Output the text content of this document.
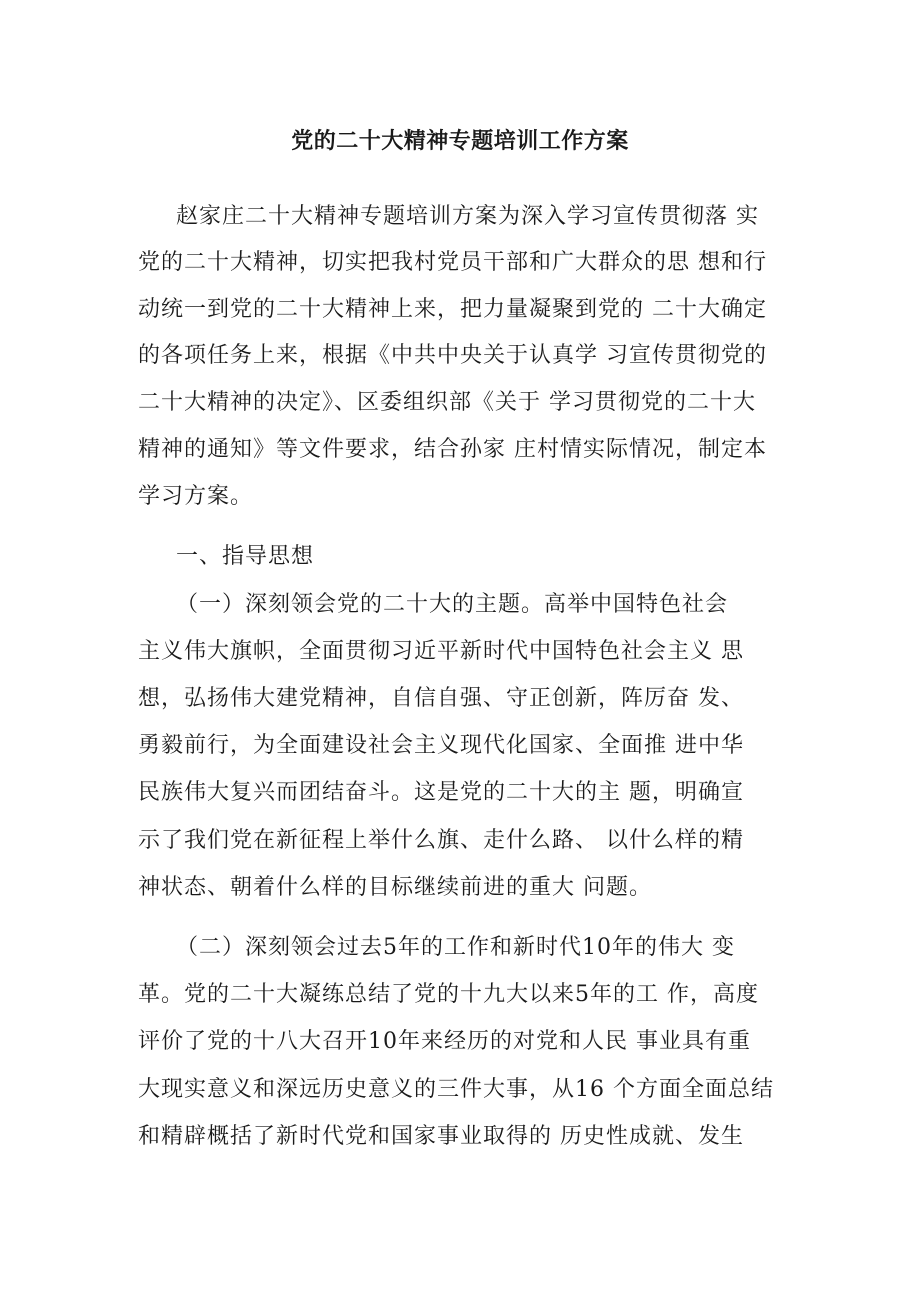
党的二十大精神专题培训工作方案
赵家庄二十大精神专题培训方案为深入学习宣传贯彻落 实
党的二十大精神，切实把我村党员干部和广大群众的思 想和行
动统一到党的二十大精神上来，把力量凝聚到党的 二十大确定
的各项任务上来，根据《中共中央关于认真学 习宣传贯彻党的
二十大精神的决定》、区委组织部《关于 学习贯彻党的二十大
精神的通知》等文件要求，结合孙家 庄村情实际情况，制定本
学习方案。
一、指导思想
（一）深刻领会党的二十大的主题。高举中国特色社会
主义伟大旗帜，全面贯彻习近平新时代中国特色社会主义 思
想，弘扬伟大建党精神，自信自强、守正创新，阵厉奋 发、
勇毅前行，为全面建设社会主义现代化国家、全面推 进中华
民族伟大复兴而团结奋斗。这是党的二十大的主 题，明确宣
示了我们党在新征程上举什么旗、走什么路、 以什么样的精
神状态、朝着什么样的目标继续前进的重大 问题。
（二）深刻领会过去5年的工作和新时代10年的伟大 变
革。党的二十大凝练总结了党的十九大以来5年的工 作，高度
评价了党的十八大召开10年来经历的对党和人民 事业具有重
大现实意义和深远历史意义的三件大事，从16 个方面全面总结
和精辟概括了新时代党和国家事业取得的 历史性成就、发生
